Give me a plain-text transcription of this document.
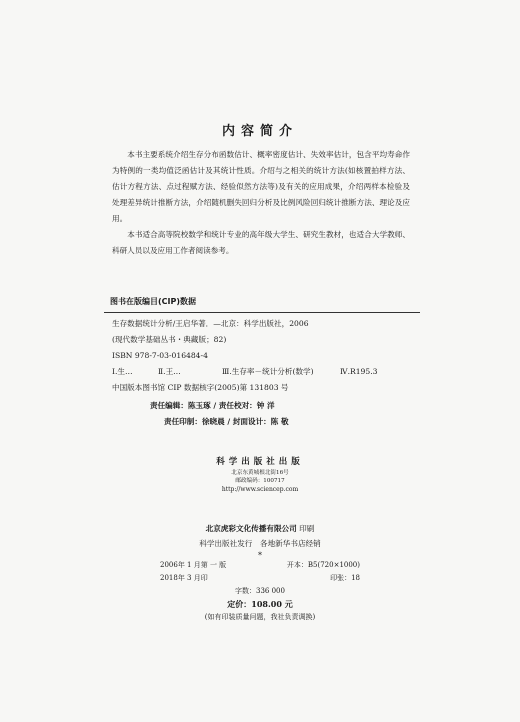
内容简介

本书主要系统介绍生存分布函数估计、概率密度估计、失效率估计，包含平均寿命作为特例的一类均值泛函估计及其统计性质。介绍与之相关的统计方法(如核置拍样方法、估计方程方法、点过程赋方法、经验似然方法等)及有关的应用成果，介绍两样本检验及处理差异统计推断方法，介绍随机删失回归分析及比例风险回归统计推断方法、理论及应用。

本书适合高等院校数学和统计专业的高年级大学生、研究生教材，也适合大学教师、科研人员以及应用工作者阅读参考。

图书在版编目(CIP)数据
生存数据统计分析/王启华著．—北京：科学出版社，2006
(现代数学基础丛书・典藏版；82)
ISBN 978-7-03-016484-4
Ⅰ.生…	Ⅱ.王…	Ⅲ.生存率－统计分析(数学)	Ⅳ.R195.3
中国版本图书馆 CIP 数据核字(2005)第 131803 号
责任编辑：陈玉琢 / 责任校对：钟 洋
责任印制：徐晓晨 / 封面设计：陈 敬
科学出版社出版
北京东黄城根北街16号
邮政编码：100717
http://www.sciencep.com
北京虎彩文化传播有限公司 印刷
科学出版社发行　各地新华书店经销
*
2006年 1 月第 一 版	开本：B5(720×1000)
2018年 3 月印	印张：18
字数：336 000
定价：108.00 元
(如有印装质量问题，我社负责调换)
